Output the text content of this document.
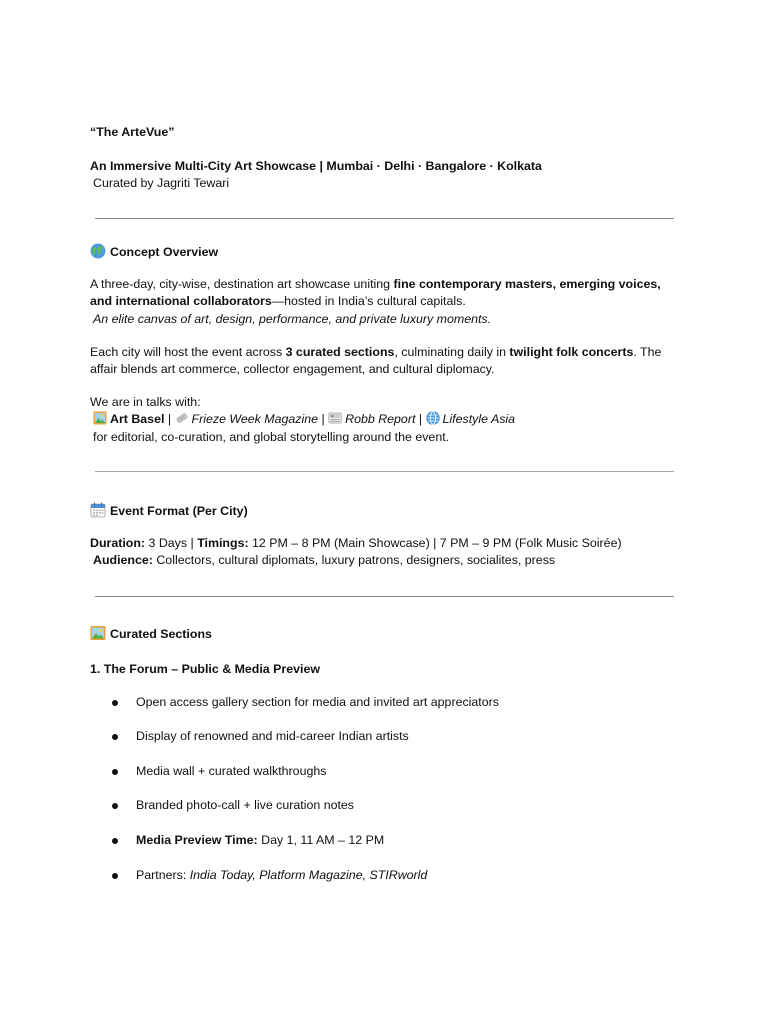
“The ArteVue”
An Immersive Multi-City Art Showcase | Mumbai · Delhi · Bangalore · Kolkata
Curated by Jagriti Tewari
Concept Overview
A three-day, city-wise, destination art showcase uniting fine contemporary masters, emerging voices,
and international collaborators—hosted in India’s cultural capitals.
An elite canvas of art, design, performance, and private luxury moments.
Each city will host the event across 3 curated sections, culminating daily in twilight folk concerts. The
affair blends art commerce, collector engagement, and cultural diplomacy.
We are in talks with:
Art Basel | Frieze Week Magazine | Robb Report | Lifestyle Asia
for editorial, co-curation, and global storytelling around the event.
Event Format (Per City)
Duration: 3 Days | Timings: 12 PM – 8 PM (Main Showcase) | 7 PM – 9 PM (Folk Music Soirée)
Audience: Collectors, cultural diplomats, luxury patrons, designers, socialites, press
Curated Sections
1. The Forum – Public & Media Preview
Open access gallery section for media and invited art appreciators
Display of renowned and mid-career Indian artists
Media wall + curated walkthroughs
Branded photo-call + live curation notes
Media Preview Time: Day 1, 11 AM – 12 PM
Partners: India Today, Platform Magazine, STIRworld
